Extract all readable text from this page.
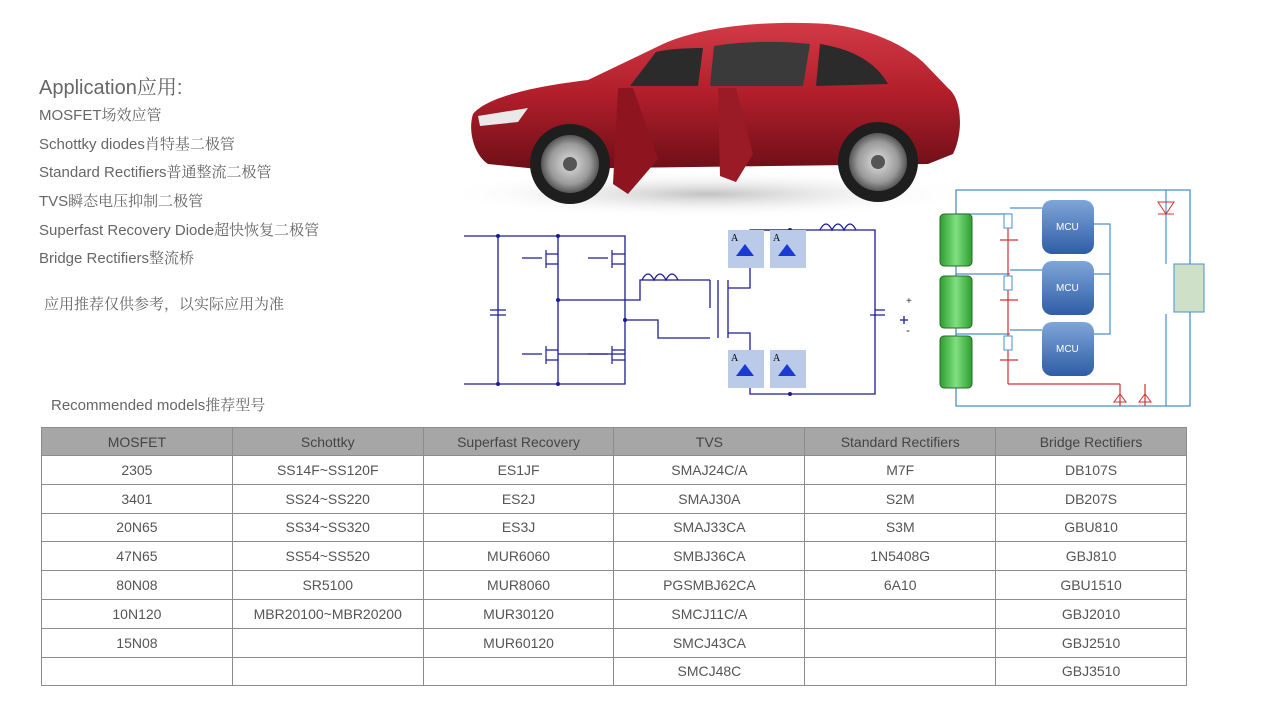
Application应用:
MOSFET场效应管
Schottky diodes肖特基二极管
Standard Rectifiers普通整流二极管
TVS瞬态电压抑制二极管
Superfast Recovery Diode超快恢复二极管
Bridge Rectifiers整流桥
应用推荐仅供参考，以实际应用为准
Recommended models推荐型号
A	A
A	A
+
-
MCU
MCU
MCU
MOSFET	Schottky	Superfast Recovery	TVS	Standard Rectifiers	Bridge Rectifiers
2305	SS14F~SS120F	ES1JF	SMAJ24C/A	M7F	DB107S
3401	SS24~SS220	ES2J	SMAJ30A	S2M	DB207S
20N65	SS34~SS320	ES3J	SMAJ33CA	S3M	GBU810
47N65	SS54~SS520	MUR6060	SMBJ36CA	1N5408G	GBJ810
80N08	SR5100	MUR8060	PGSMBJ62CA	6A10	GBU1510
10N120	MBR20100~MBR20200	MUR30120	SMCJ11C/A		GBJ2010
15N08		MUR60120	SMCJ43CA		GBJ2510
			SMCJ48C		GBJ3510
